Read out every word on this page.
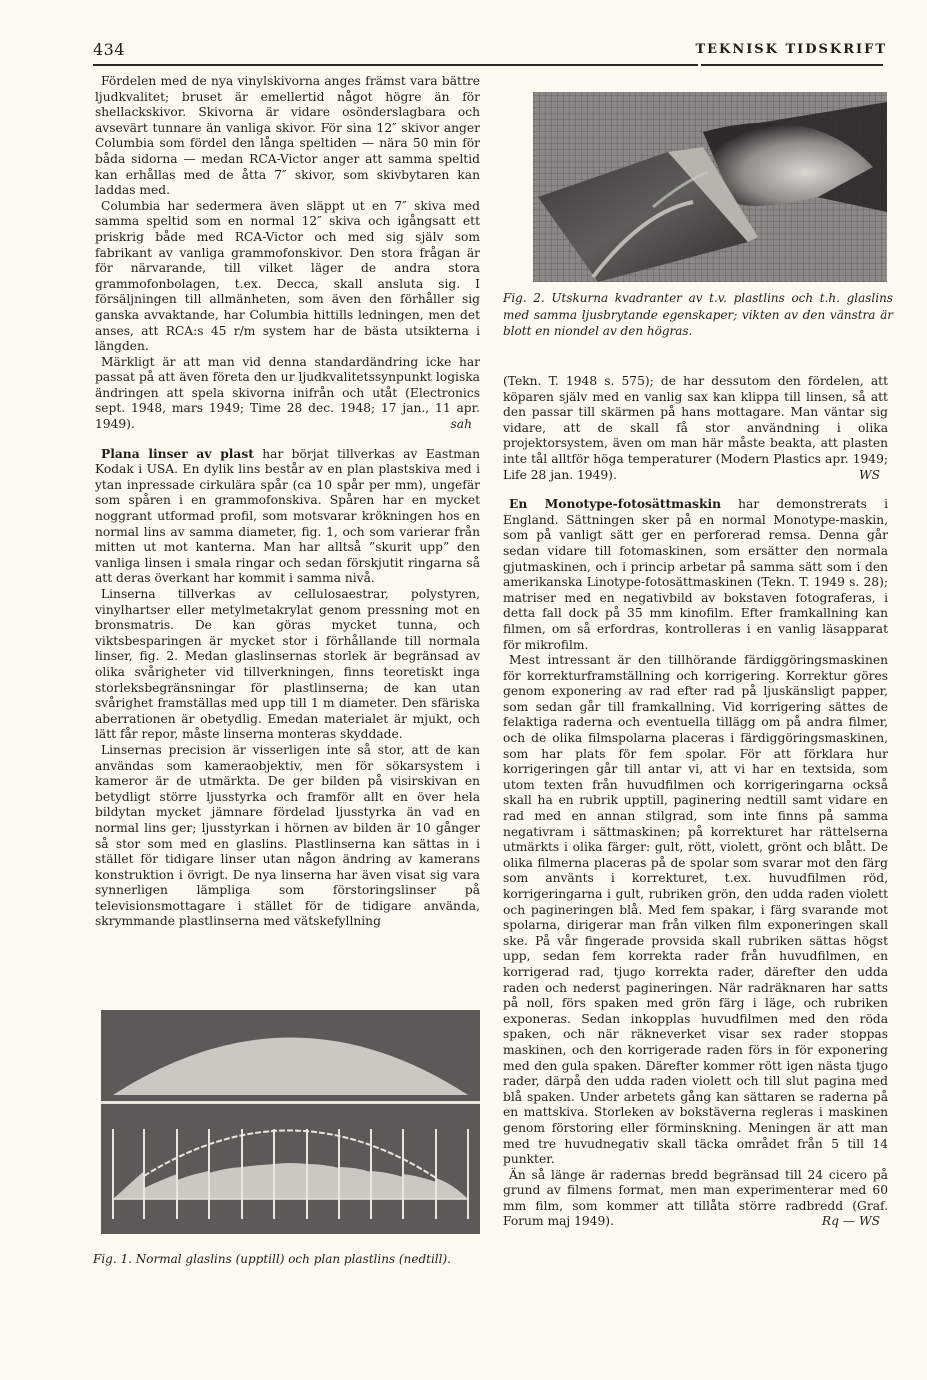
434	TEKNISK TIDSKRIFT

Fördelen med de nya vinylskivorna anges främst vara bättre ljudkvalitet; bruset är emellertid något högre än för shellackskivor. Skivorna är vidare osönderslagbara och avsevärt tunnare än vanliga skivor. För sina 12″ skivor anger Columbia som fördel den långa speltiden — nära 50 min för båda sidorna — medan RCA-Victor anger att samma speltid kan erhållas med de åtta 7″ skivor, som skivbytaren kan laddas med.

Columbia har sedermera även släppt ut en 7″ skiva med samma speltid som en normal 12″ skiva och igångsatt ett priskrig både med RCA-Victor och med sig själv som fabrikant av vanliga grammofonskivor. Den stora frågan är för närvarande, till vilket läger de andra stora grammofonbolagen, t.ex. Decca, skall ansluta sig. I försäljningen till allmänheten, som även den förhåller sig ganska avvaktande, har Columbia hittills ledningen, men det anses, att RCA:s 45 r/m system har de bästa utsikterna i längden.

Märkligt är att man vid denna standardändring icke har passat på att även företa den ur ljudkvalitetssynpunkt logiska ändringen att spela skivorna inifrån och utåt (Electronics sept. 1948, mars 1949; Time 28 dec. 1948; 17 jan., 11 apr. 1949).	sah

Plana linser av plast har börjat tillverkas av Eastman Kodak i USA. En dylik lins består av en plan plastskiva med i ytan inpressade cirkulära spår (ca 10 spår per mm), ungefär som spåren i en grammofonskiva. Spåren har en mycket noggrant utformad profil, som motsvarar krökningen hos en normal lins av samma diameter, fig. 1, och som varierar från mitten ut mot kanterna. Man har alltså ”skurit upp” den vanliga linsen i smala ringar och sedan förskjutit ringarna så att deras överkant har kommit i samma nivå.

Linserna tillverkas av cellulosaestrar, polystyren, vinylhartser eller metylmetakrylat genom pressning mot en bronsmatris. De kan göras mycket tunna, och viktsbesparingen är mycket stor i förhållande till normala linser, fig. 2. Medan glaslinsernas storlek är begränsad av olika svårigheter vid tillverkningen, finns teoretiskt inga storleksbegränsningar för plastlinserna; de kan utan svårighet framställas med upp till 1 m diameter. Den sfäriska aberrationen är obetydlig. Emedan materialet är mjukt, och lätt får repor, måste linserna monteras skyddade.

Linsernas precision är visserligen inte så stor, att de kan användas som kameraobjektiv, men för sökarsystem i kameror är de utmärkta. De ger bilden på visirskivan en betydligt större ljusstyrka och framför allt en över hela bildytan mycket jämnare fördelad ljusstyrka än vad en normal lins ger; ljusstyrkan i hörnen av bilden är 10 gånger så stor som med en glaslins. Plastlinserna kan sättas in i stället för tidigare linser utan någon ändring av kamerans konstruktion i övrigt. De nya linserna har även visat sig vara synnerligen lämpliga som förstoringslinser på televisionsmottagare i stället för de tidigare använda, skrymmande plastlinserna med vätskefyllning

Fig. 1. Normal glaslins (upptill) och plan plastlins (nedtill).
Fig. 2. Utskurna kvadranter av t.v. plastlins och t.h. glaslins med samma ljusbrytande egenskaper; vikten av den vänstra är blott en niondel av den högras.

(Tekn. T. 1948 s. 575); de har dessutom den fördelen, att köparen själv med en vanlig sax kan klippa till linsen, så att den passar till skärmen på hans mottagare. Man väntar sig vidare, att de skall få stor användning i olika projektorsystem, även om man här måste beakta, att plasten inte tål alltför höga temperaturer (Modern Plastics apr. 1949; Life 28 jan. 1949).	WS

En Monotype-fotosättmaskin har demonstrerats i England. Sättningen sker på en normal Monotype-maskin, som på vanligt sätt ger en perforerad remsa. Denna går sedan vidare till fotomaskinen, som ersätter den normala gjutmaskinen, och i princip arbetar på samma sätt som i den amerikanska Linotype-fotosättmaskinen (Tekn. T. 1949 s. 28); matriser med en negativbild av bokstaven fotograferas, i detta fall dock på 35 mm kinofilm. Efter framkallning kan filmen, om så erfordras, kontrolleras i en vanlig läsapparat för mikrofilm.

Mest intressant är den tillhörande färdiggöringsmaskinen för korrekturframställning och korrigering. Korrektur göres genom exponering av rad efter rad på ljuskänsligt papper, som sedan går till framkallning. Vid korrigering sättes de felaktiga raderna och eventuella tillägg om på andra filmer, och de olika filmspolarna placeras i färdiggöringsmaskinen, som har plats för fem spolar. För att förklara hur korrigeringen går till antar vi, att vi har en textsida, som utom texten från huvudfilmen och korrigeringarna också skall ha en rubrik upptill, paginering nedtill samt vidare en rad med en annan stilgrad, som inte finns på samma negativram i sättmaskinen; på korrekturet har rättelserna utmärkts i olika färger: gult, rött, violett, grönt och blått. De olika filmerna placeras på de spolar som svarar mot den färg som använts i korrekturet, t.ex. huvudfilmen röd, korrigeringarna i gult, rubriken grön, den udda raden violett och pagineringen blå. Med fem spakar, i färg svarande mot spolarna, dirigerar man från vilken film exponeringen skall ske. På vår fingerade provsida skall rubriken sättas högst upp, sedan fem korrekta rader från huvudfilmen, en korrigerad rad, tjugo korrekta rader, därefter den udda raden och nederst pagineringen. När radräknaren har satts på noll, förs spaken med grön färg i läge, och rubriken exponeras. Sedan inkopplas huvudfilmen med den röda spaken, och när räkneverket visar sex rader stoppas maskinen, och den korrigerade raden förs in för exponering med den gula spaken. Därefter kommer rött igen nästa tjugo rader, därpå den udda raden violett och till slut pagina med blå spaken. Under arbetets gång kan sättaren se raderna på en mattskiva. Storleken av bokstäverna regleras i maskinen genom förstoring eller förminskning. Meningen är att man med tre huvudnegativ skall täcka området från 5 till 14 punkter.

Än så länge är radernas bredd begränsad till 24 cicero på grund av filmens format, men man experimenterar med 60 mm film, som kommer att tillåta större radbredd (Graf. Forum maj 1949).	Rq — WS
